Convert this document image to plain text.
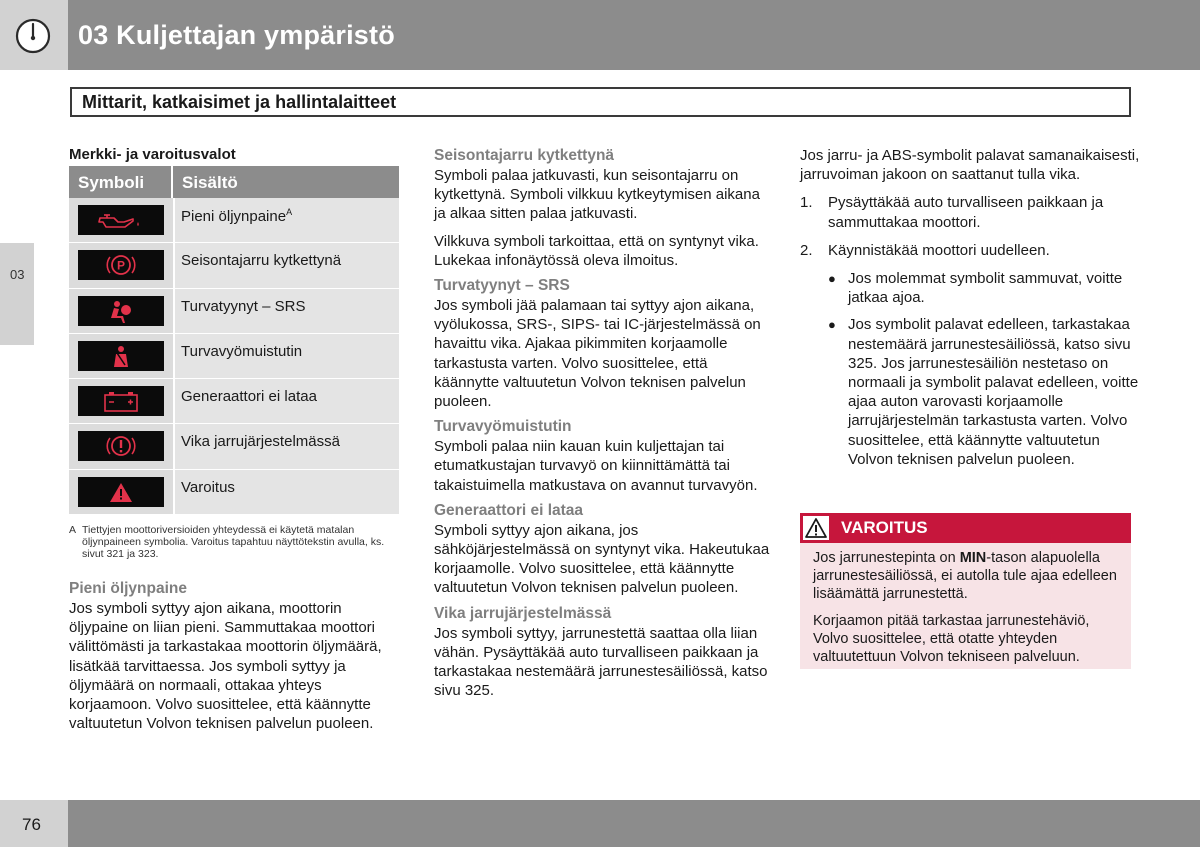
03 Kuljettajan ympäristö
Mittarit, katkaisimet ja hallintalaitteet
03
Merkki- ja varoitusvalot
Symboli	Sisältö
Pieni öljynpaine$^A$
P	Seisontajarru kytkettynä
Turvatyynyt – SRS
Turvavyömuistutin
Generaattori ei lataa
Vika jarrujärjestelmässä
Varoitus
A Tiettyjen moottoriversioiden yhteydessä ei käytetä matalan öljynpaineen symbolia. Varoitus tapahtuu näyttötekstin avulla, ks. sivut 321 ja 323.
Pieni öljynpaine
Jos symboli syttyy ajon aikana, moottorin öljypaine on liian pieni. Sammuttakaa moottori välittömästi ja tarkastakaa moottorin öljymäärä, lisätkää tarvittaessa. Jos symboli syttyy ja öljymäärä on normaali, ottakaa yhteys korjaamoon. Volvo suosittelee, että käännytte valtuutetun Volvon teknisen palvelun puoleen.
Seisontajarru kytkettynä
Symboli palaa jatkuvasti, kun seisontajarru on kytkettynä. Symboli vilkkuu kytkeytymisen aikana ja alkaa sitten palaa jatkuvasti.
Vilkkuva symboli tarkoittaa, että on syntynyt vika. Lukekaa infonäytössä oleva ilmoitus.
Turvatyynyt – SRS
Jos symboli jää palamaan tai syttyy ajon aikana, vyölukossa, SRS-, SIPS- tai IC-järjestelmässä on havaittu vika. Ajakaa pikimmiten korjaamolle tarkastusta varten. Volvo suosittelee, että käännytte valtuutetun Volvon teknisen palvelun puoleen.
Turvavyömuistutin
Symboli palaa niin kauan kuin kuljettajan tai etumatkustajan turvavyö on kiinnittämättä tai takaistuimella matkustava on avannut turvavyön.
Generaattori ei lataa
Symboli syttyy ajon aikana, jos sähköjärjestelmässä on syntynyt vika. Hakeutukaa korjaamolle. Volvo suosittelee, että käännytte valtuutetun Volvon teknisen palvelun puoleen.
Vika jarrujärjestelmässä
Jos symboli syttyy, jarrunestettä saattaa olla liian vähän. Pysäyttäkää auto turvalliseen paikkaan ja tarkastakaa nestemäärä jarrunestesäiliössä, katso sivu 325.
Jos jarru- ja ABS-symbolit palavat samanaikaisesti, jarruvoiman jakoon on saattanut tulla vika.
1.	Pysäyttäkää auto turvalliseen paikkaan ja sammuttakaa moottori.
2.	Käynnistäkää moottori uudelleen.
● Jos molemmat symbolit sammuvat, voitte jatkaa ajoa.
● Jos symbolit palavat edelleen, tarkastakaa nestemäärä jarrunestesäiliössä, katso sivu 325. Jos jarrunestesäiliön nestetaso on normaali ja symbolit palavat edelleen, voitte ajaa auton varovasti korjaamolle jarrujärjestelmän tarkastusta varten. Volvo suosittelee, että käännytte valtuutetun Volvon teknisen palvelun puoleen.
VAROITUS
Jos jarrunestepinta on MIN-tason alapuolella jarrunestesäiliössä, ei autolla tule ajaa edelleen lisäämättä jarrunestettä.
Korjaamon pitää tarkastaa jarrunestehäviö, Volvo suosittelee, että otatte yhteyden valtuutettuun Volvon tekniseen palveluun.
76
